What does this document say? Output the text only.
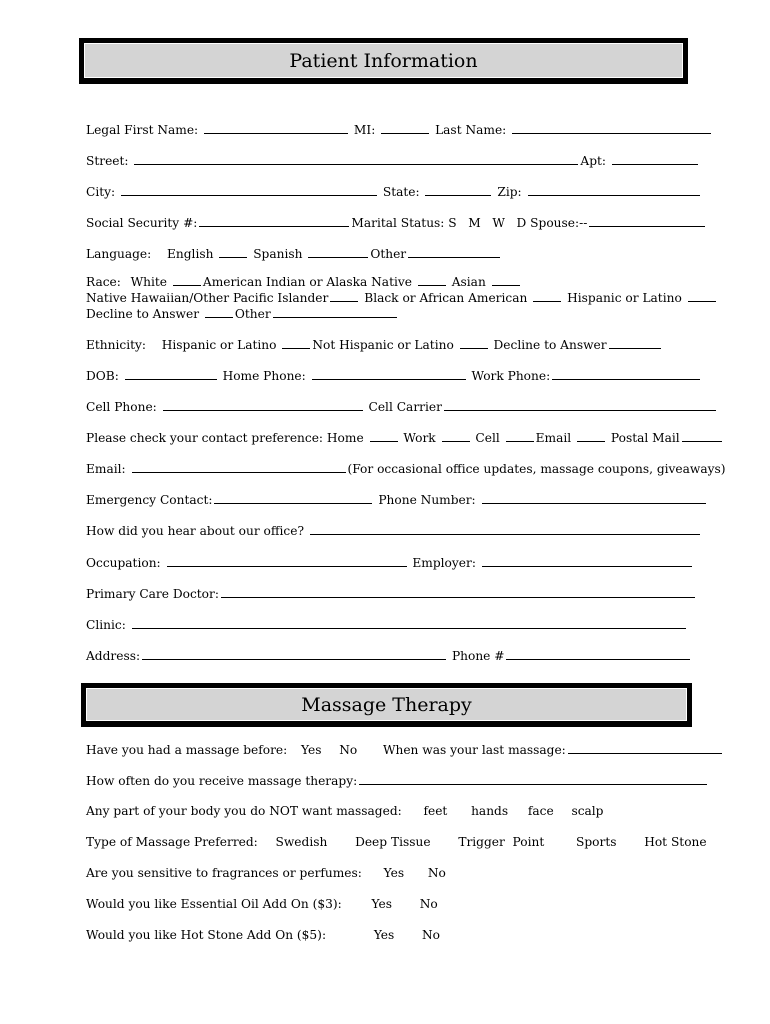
Patient Information
Legal First Name:	MI:	Last Name:
Street:	Apt:
City:	State:	Zip:
Social Security #:	Marital Status: S   M   W   D Spouse:--
Language: English	Spanish	Other
Race: White	American Indian or Alaska Native	Asian
Native Hawaiian/Other Pacific Islander	Black or African American	Hispanic or Latino
Decline to Answer	Other
Ethnicity: Hispanic or Latino	Not Hispanic or Latino	Decline to Answer
DOB:	Home Phone:	Work Phone:
Cell Phone:	Cell Carrier
Please check your contact preference: Home	Work	Cell	Email	Postal Mail
Email:	(For occasional office updates, massage coupons, giveaways)
Emergency Contact:	Phone Number:
How did you hear about our office?
Occupation:	Employer:
Primary Care Doctor:
Clinic:
Address:	Phone #
Massage Therapy
Have you had a massage before: Yes No When was your last massage:
How often do you receive massage therapy:
Any part of your body you do NOT want massaged: feet hands face scalp
Type of Massage Preferred: Swedish Deep Tissue Trigger  Point	Sports Hot Stone
Are you sensitive to fragrances or perfumes: Yes No
Would you like Essential Oil Add On ($3): Yes No
Would you like Hot Stone Add On ($5):	Yes No
